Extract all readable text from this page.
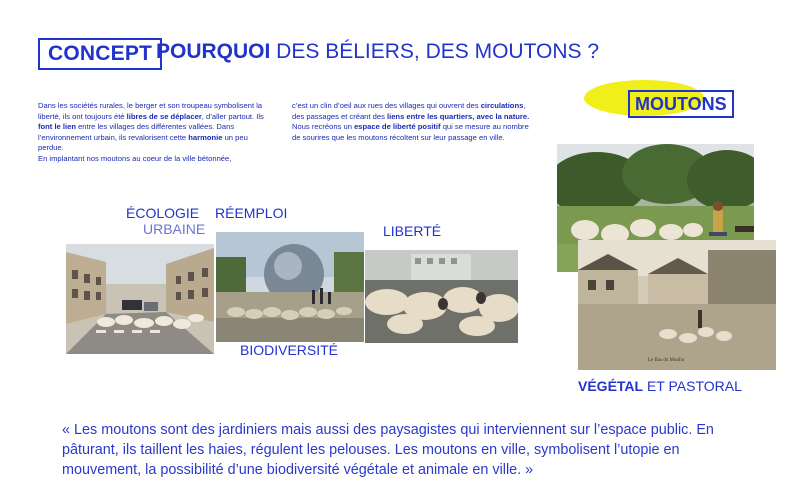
CONCEPT POURQUOI DES BÉLIERS, DES MOUTONS ?
Dans les sociétés rurales, le berger et son troupeau symbolisent la liberté, ils ont toujours été libres de se déplacer, d’aller partout. Ils font le lien entre les villages des différentes vallées. Dans l’environnement urbain, ils revalorisent cette harmonie un peu perdue.
En implantant nos moutons au coeur de la ville bétonnée,
c’est un clin d’oeil aux rues des villages qui ouvrent des circulations, des passages et créant des liens entre les quartiers, avec la nature.
Nous recréons un espace de liberté positif qui se mesure au nombre de sourires que les moutons récoltent sur leur passage en ville.
ÉCOLOGIE
URBAINE
RÉEMPLOI
LIBERTÉ
BIODIVERSITÉ
VÉGÉTAL ET PASTORAL
MOUTONS
Le Bas du Moulin
« Les moutons sont des jardiniers mais aussi des paysagistes qui interviennent sur l’espace public. En pâturant, ils taillent les haies, régulent les pelouses. Les moutons en ville, symbolisent l’utopie en mouvement, la possibilité d’une biodiversité végétale et animale en ville. »
